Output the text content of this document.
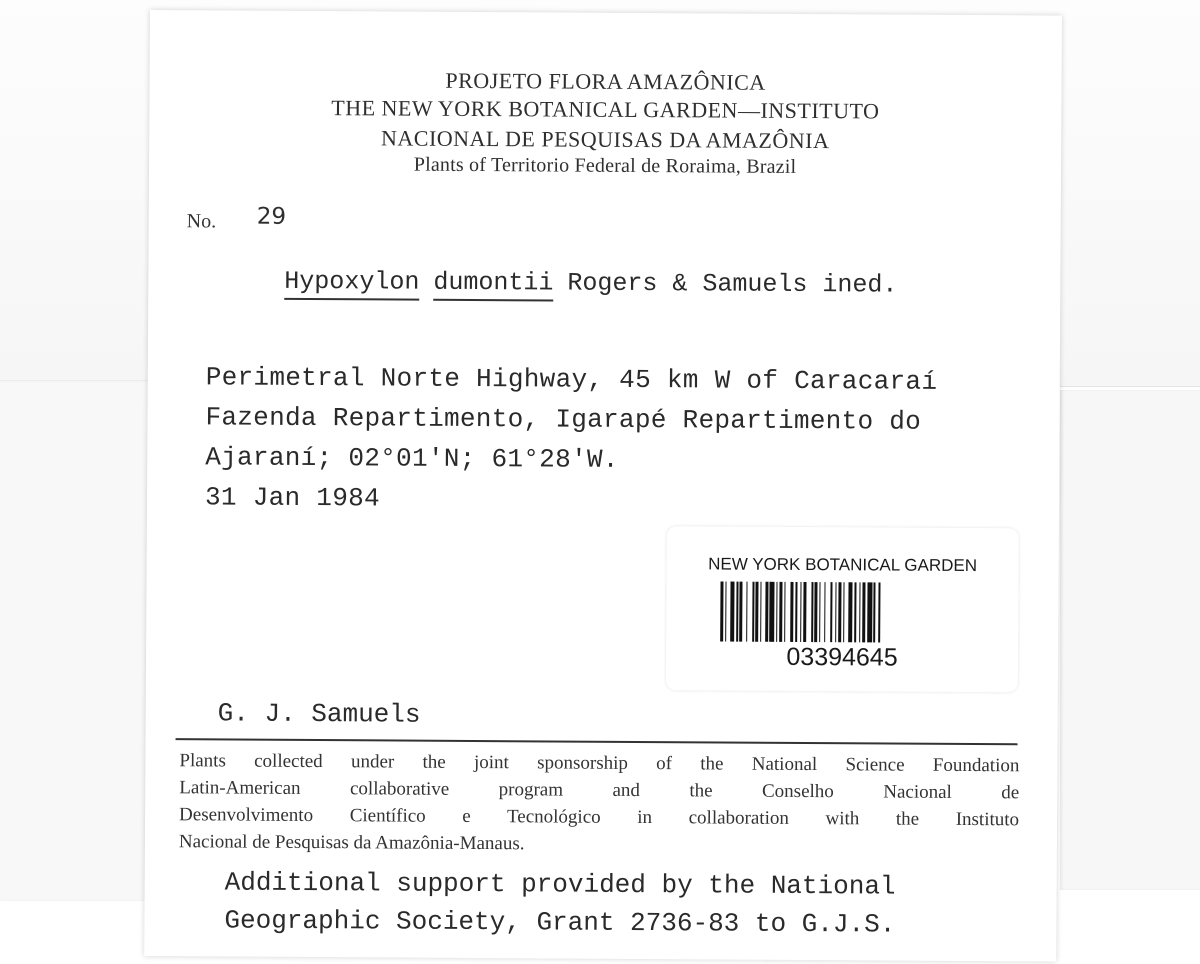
PROJETO FLORA AMAZÔNICA
THE NEW YORK BOTANICAL GARDEN—INSTITUTO
NACIONAL DE PESQUISAS DA AMAZÔNIA
Plants of Territorio Federal de Roraima, Brazil
No. 29
Hypoxylon dumontii Rogers & Samuels ined.
Perimetral Norte Highway, 45 km W of Caracaraí
Fazenda Repartimento, Igarapé Repartimento do
Ajaraní; 02°01'N; 61°28'W.
31 Jan 1984
NEW YORK BOTANICAL GARDEN
03394645
G. J. Samuels
Plants collected under the joint sponsorship of the National Science Foundation
Latin-American collaborative program and the Conselho Nacional de
Desenvolvimento Científico e Tecnológico in collaboration with the Instituto
Nacional de Pesquisas da Amazônia-Manaus.
Additional support provided by the National
Geographic Society, Grant 2736-83 to G.J.S.
